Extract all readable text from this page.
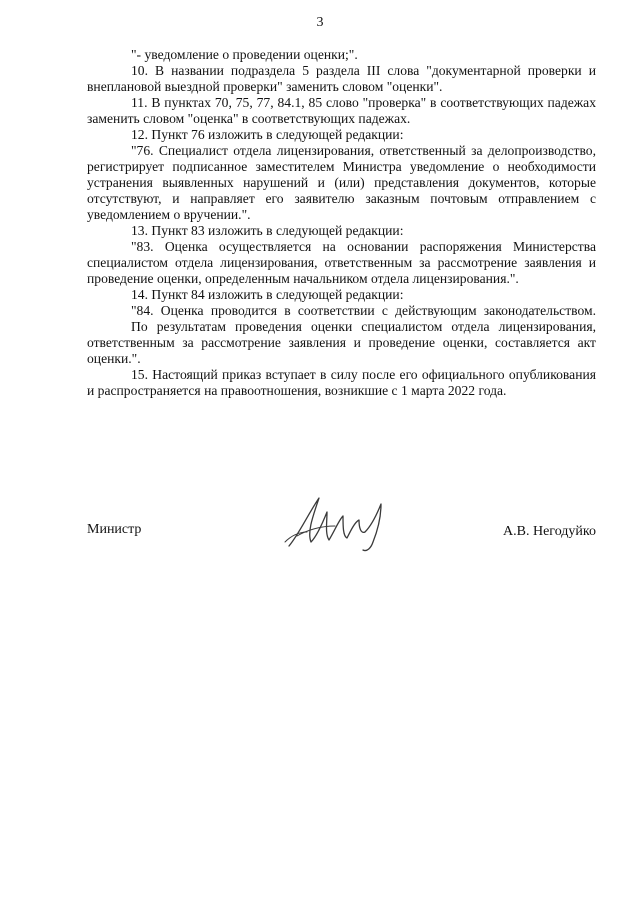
3

"- уведомление о проведении оценки;".

10. В названии подраздела 5 раздела III слова "документарной проверки и внеплановой выездной проверки" заменить словом "оценки".

11. В пунктах 70, 75, 77, 84.1, 85 слово "проверка" в соответствующих падежах заменить словом "оценка" в соответствующих падежах.

12. Пункт 76 изложить в следующей редакции:

"76. Специалист отдела лицензирования, ответственный за делопроизводство, регистрирует подписанное заместителем Министра уведомление о необходимости устранения выявленных нарушений и (или) представления документов, которые отсутствуют, и направляет его заявителю заказным почтовым отправлением с уведомлением о вручении.".

13. Пункт 83 изложить в следующей редакции:

"83. Оценка осуществляется на основании распоряжения Министерства специалистом отдела лицензирования, ответственным за рассмотрение заявления и проведение оценки, определенным начальником отдела лицензирования.".

14. Пункт 84 изложить в следующей редакции:

"84. Оценка проводится в соответствии с действующим законодательством.

По результатам проведения оценки специалистом отдела лицензирования, ответственным за рассмотрение заявления и проведение оценки, составляется акт оценки.".

15. Настоящий приказ вступает в силу после его официального опубликования и распространяется на правоотношения, возникшие с 1 марта 2022 года.

Министр	А.В. Негодуйко
